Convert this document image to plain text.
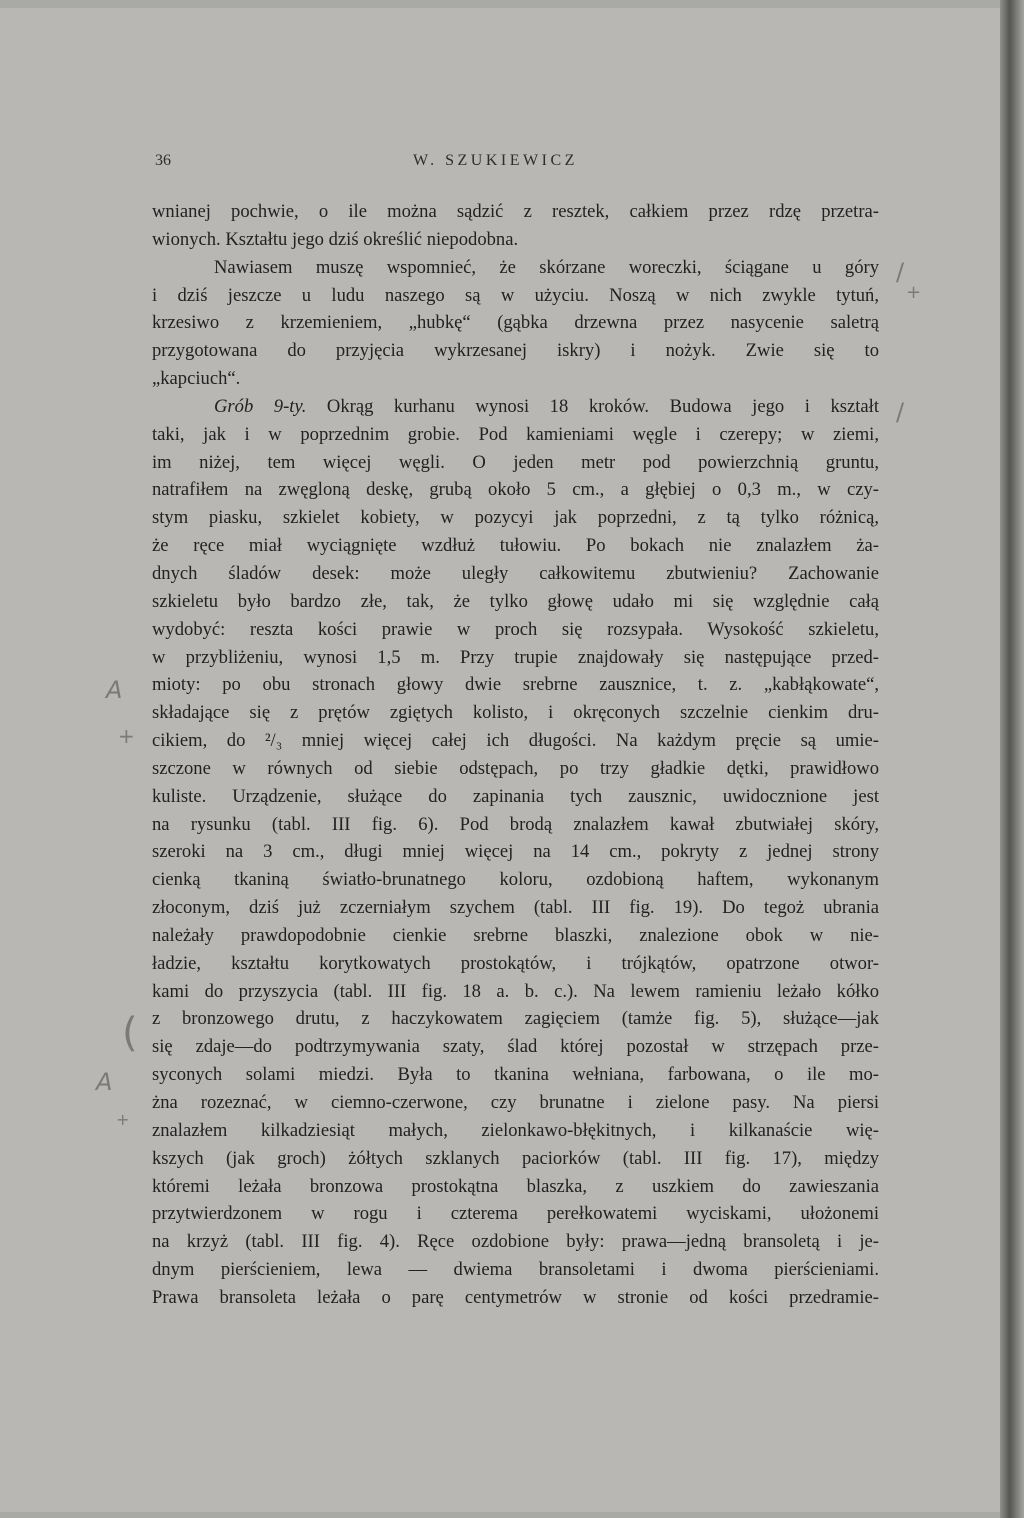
36	W. SZUKIEWICZ
wnianej pochwie, o ile można sądzić z resztek, całkiem przez rdzę przetra-
wionych. Kształtu jego dziś określić niepodobna.
Nawiasem muszę wspomnieć, że skórzane woreczki, ściągane u góry
i dziś jeszcze u ludu naszego są w użyciu. Noszą w nich zwykle tytuń,
krzesiwo z krzemieniem, „hubkę“ (gąbka drzewna przez nasycenie saletrą
przygotowana do przyjęcia wykrzesanej iskry) i nożyk. Zwie się to
„kapciuch“.
Grób 9-ty. Okrąg kurhanu wynosi 18 kroków. Budowa jego i kształt
taki, jak i w poprzednim grobie. Pod kamieniami węgle i czerepy; w ziemi,
im niżej, tem więcej węgli. O jeden metr pod powierzchnią gruntu,
natrafiłem na zwęgloną deskę, grubą około 5 cm., a głębiej o 0,3 m., w czy-
stym piasku, szkielet kobiety, w pozycyi jak poprzedni, z tą tylko różnicą,
że ręce miał wyciągnięte wzdłuż tułowiu. Po bokach nie znalazłem ża-
dnych śladów desek: może uległy całkowitemu zbutwieniu? Zachowanie
szkieletu było bardzo złe, tak, że tylko głowę udało mi się względnie całą
wydobyć: reszta kości prawie w proch się rozsypała. Wysokość szkieletu,
w przybliżeniu, wynosi 1,5 m. Przy trupie znajdowały się następujące przed-
mioty: po obu stronach głowy dwie srebrne zausznice, t. z. „kabłąkowate“,
składające się z prętów zgiętych kolisto, i okręconych szczelnie cienkim dru-
cikiem, do ²/₃ mniej więcej całej ich długości. Na każdym pręcie są umie-
szczone w równych od siebie odstępach, po trzy gładkie dętki, prawidłowo
kuliste. Urządzenie, służące do zapinania tych zausznic, uwidocznione jest
na rysunku (tabl. III fig. 6). Pod brodą znalazłem kawał zbutwiałej skóry,
szeroki na 3 cm., długi mniej więcej na 14 cm., pokryty z jednej strony
cienką tkaniną światło-brunatnego koloru, ozdobioną haftem, wykonanym
złoconym, dziś już zczerniałym szychem (tabl. III fig. 19). Do tegoż ubrania
należały prawdopodobnie cienkie srebrne blaszki, znalezione obok w nie-
ładzie, kształtu korytkowatych prostokątów, i trójkątów, opatrzone otwor-
kami do przyszycia (tabl. III fig. 18 a. b. c.). Na lewem ramieniu leżało kółko
z bronzowego drutu, z haczykowatem zagięciem (tamże fig. 5), służące—jak
się zdaje—do podtrzymywania szaty, ślad której pozostał w strzępach prze-
syconych solami miedzi. Była to tkanina wełniana, farbowana, o ile mo-
żna rozeznać, w ciemno-czerwone, czy brunatne i zielone pasy. Na piersi
znalazłem kilkadziesiąt małych, zielonkawo-błękitnych, i kilkanaście wię-
kszych (jak groch) żółtych szklanych paciorków (tabl. III fig. 17), między
któremi leżała bronzowa prostokątna blaszka, z uszkiem do zawieszania
przytwierdzonem w rogu i czterema perełkowatemi wyciskami, ułożonemi
na krzyż (tabl. III fig. 4). Ręce ozdobione były: prawa—jedną bransoletą i je-
dnym pierścieniem, lewa — dwiema bransoletami i dwoma pierścieniami.
Prawa bransoleta leżała o parę centymetrów w stronie od kości przedramie-
/
+
/
A
+
(
A
+
